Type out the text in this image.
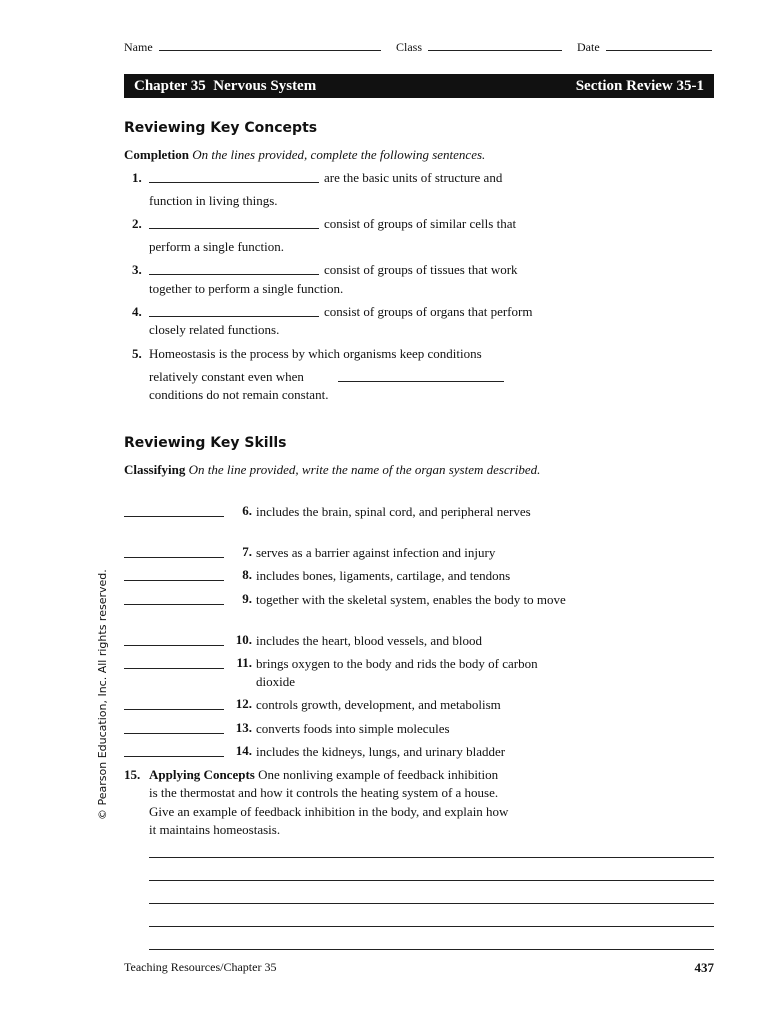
Name	Class	Date
Chapter 35  Nervous System	Section Review 35-1
Reviewing Key Concepts
Completion On the lines provided, complete the following sentences.
1.	are the basic units of structure and
function in living things.
2.	consist of groups of similar cells that
perform a single function.
3.	consist of groups of tissues that work
together to perform a single function.
4.	consist of groups of organs that perform
closely related functions.
5. Homeostasis is the process by which organisms keep conditions
relatively constant even when
conditions do not remain constant.
Reviewing Key Skills
Classifying On the line provided, write the name of the organ system described.
6. includes the brain, spinal cord, and peripheral nerves
7. serves as a barrier against infection and injury
8. includes bones, ligaments, cartilage, and tendons
9. together with the skeletal system, enables the body to move
10. includes the heart, blood vessels, and blood
11. brings oxygen to the body and rids the body of carbon dioxide
12. controls growth, development, and metabolism
13. converts foods into simple molecules
14. includes the kidneys, lungs, and urinary bladder
15. Applying Concepts One nonliving example of feedback inhibition
is the thermostat and how it controls the heating system of a house.
Give an example of feedback inhibition in the body, and explain how
it maintains homeostasis.
© Pearson Education, Inc. All rights reserved.
Teaching Resources/Chapter 35	437
